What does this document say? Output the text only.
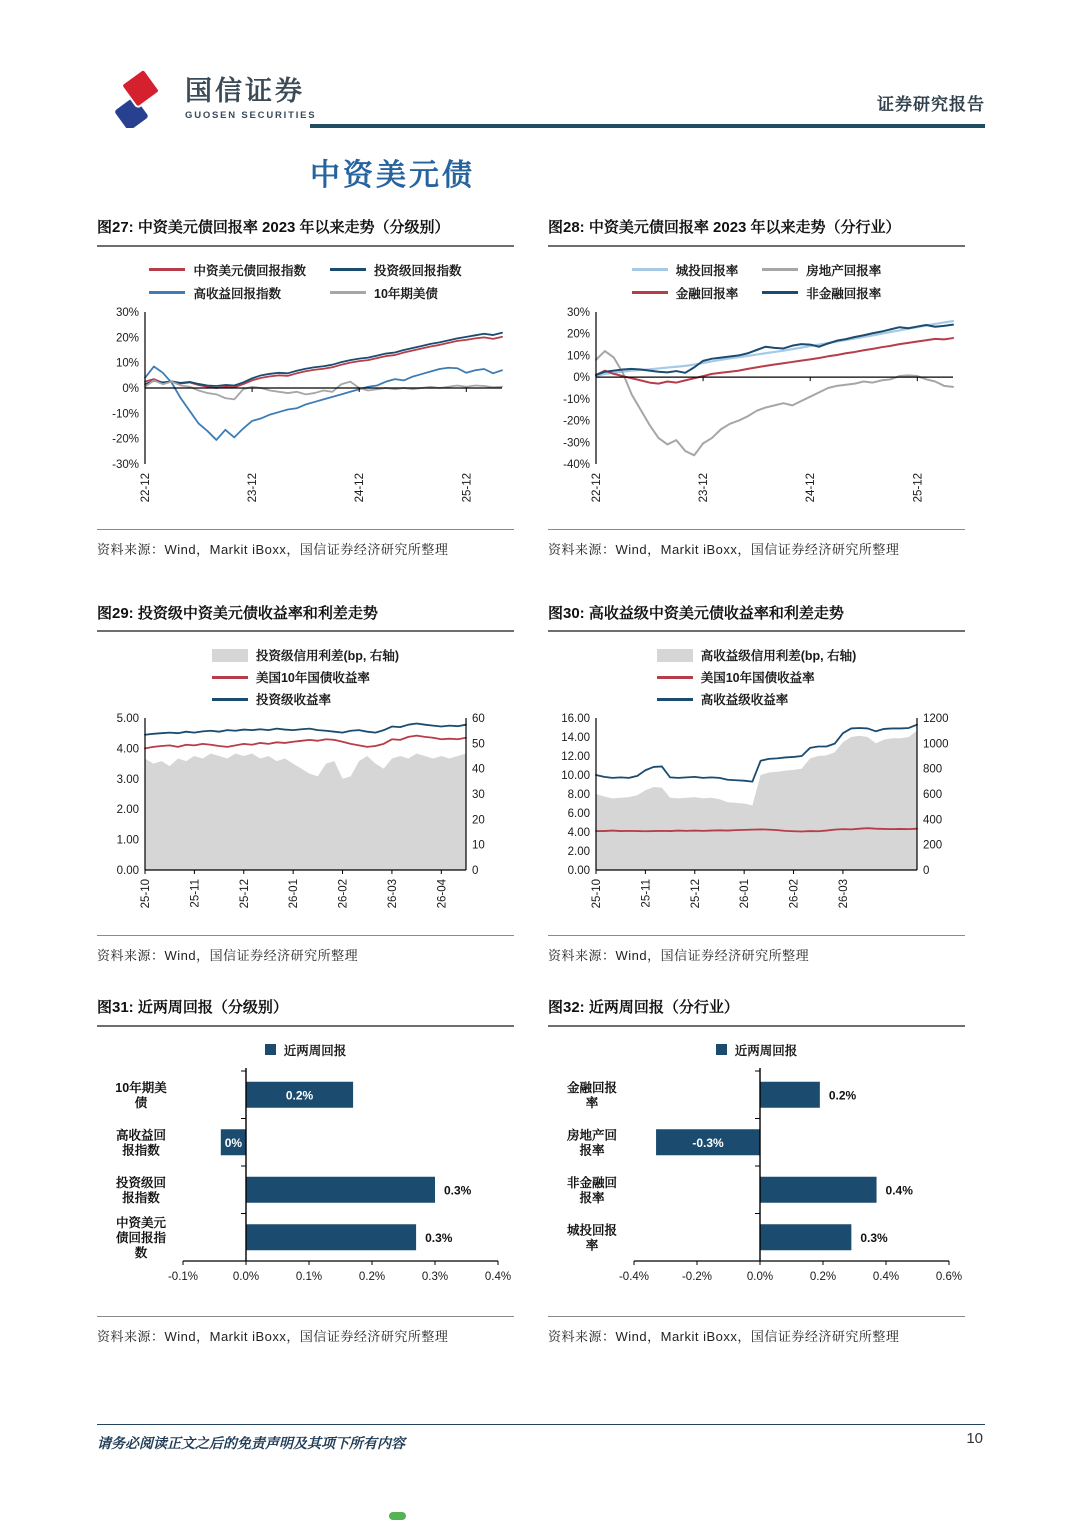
国信证券
GUOSEN SECURITIES
证券研究报告
中资美元债
图27: 中资美元债回报率 2023 年以来走势（分级别）
中资美元债回报指数	投资级回报指数
高收益回报指数	10年期美债
22-12	23-12	24-12	25-12
30%
20%
10%
0%
-10%
-20%
-30%
资料来源：Wind，Markit iBoxx，国信证券经济研究所整理
图28: 中资美元债回报率 2023 年以来走势（分行业）
城投回报率	房地产回报率
金融回报率	非金融回报率
22-12	23-12	24-12	25-12
30%
20%
10%
0%
-10%
-20%
-30%
-40%
资料来源：Wind，Markit iBoxx，国信证券经济研究所整理
图29: 投资级中资美元债收益率和利差走势
投资级信用利差(bp, 右轴)
美国10年国债收益率
投资级收益率
25-10	25-11	25-12	26-01	26-02	26-03	26-04
5.00
4.00
3.00
2.00
1.00
0.00
60
50
40
30
20
10
0
资料来源：Wind，国信证券经济研究所整理
图30: 高收益级中资美元债收益率和利差走势
高收益级信用利差(bp, 右轴)
美国10年国债收益率
高收益级收益率
25-10	25-11	25-12	26-01	26-02	26-03
16.00
14.00
12.00
10.00
8.00
6.00
4.00
2.00
0.00
1200
1000
800
600
400
200
0
资料来源：Wind，国信证券经济研究所整理
图31: 近两周回报（分级别）
近两周回报
0.2%
0%
0.3%
0.3%
-0.1%	0.0%	0.1%	0.2%	0.3%	0.4%
10年期美债
高收益回报指数
投资级回报指数
中资美元债回报指数
资料来源：Wind，Markit iBoxx，国信证券经济研究所整理
图32: 近两周回报（分行业）
近两周回报
0.2%
-0.3%
0.4%
0.3%
-0.4%	-0.2%	0.0%	0.2%	0.4%	0.6%
金融回报率
房地产回报率
非金融回报率
城投回报率
资料来源：Wind，Markit iBoxx，国信证券经济研究所整理
请务必阅读正文之后的免责声明及其项下所有内容	10
